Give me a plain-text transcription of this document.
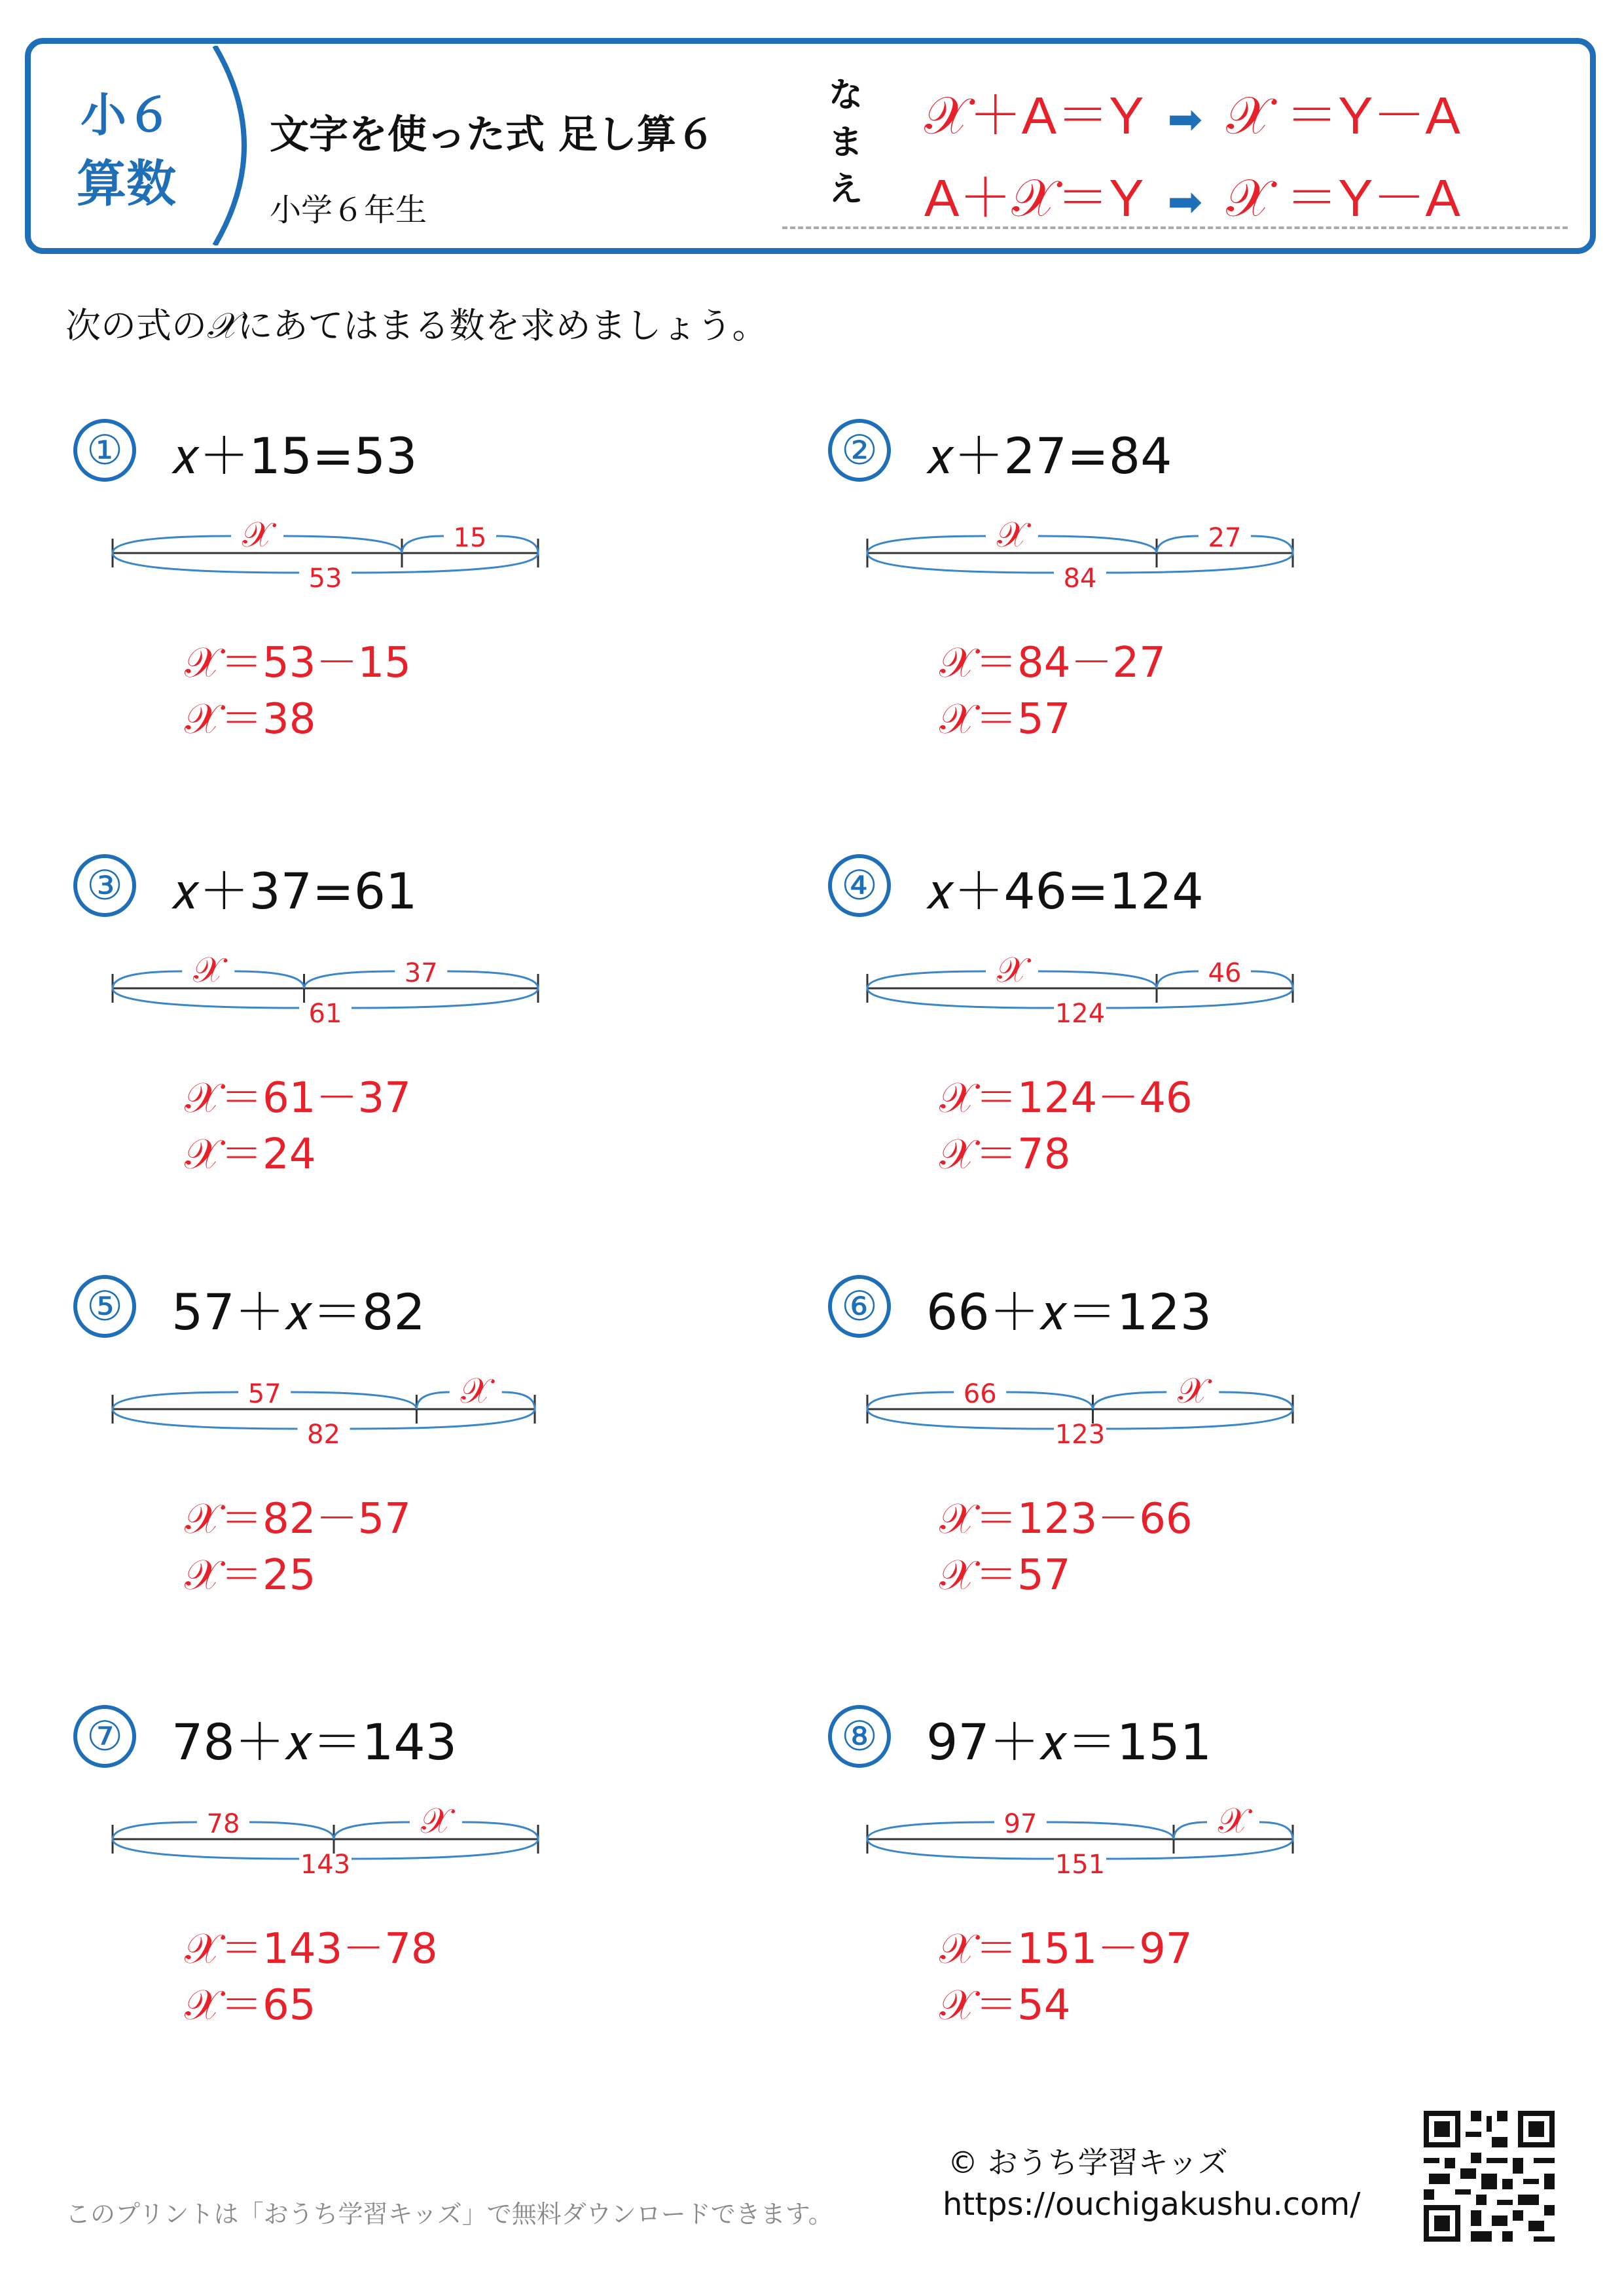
小６
算数
文字を使った式 足し算６
小学６年生
なまえ
𝒳＋A＝Y ➡ 𝒳 ＝Y－A
A＋𝒳＝Y ➡ 𝒳 ＝Y－A
次の式の𝒳にあてはまる数を求めましょう。
① 𝑥＋15=53
𝒳	15
53
𝒳＝53－15
𝒳＝38
② 𝑥＋27=84
𝒳	27
84
𝒳＝84－27
𝒳＝57
③ 𝑥＋37=61
𝒳	37
61
𝒳＝61－37
𝒳＝24
④ 𝑥＋46=124
𝒳	46
124
𝒳＝124－46
𝒳＝78
⑤ 57＋𝑥＝82
57	𝒳
82
𝒳＝82－57
𝒳＝25
⑥ 66＋𝑥＝123
66	𝒳
123
𝒳＝123－66
𝒳＝57
⑦ 78＋𝑥＝143
78	𝒳
143
𝒳＝143－78
𝒳＝65
⑧ 97＋𝑥＝151
97	𝒳
151
𝒳＝151－97
𝒳＝54
このプリントは「おうち学習キッズ」で無料ダウンロードできます。
© おうち学習キッズ
https://ouchigakushu.com/
